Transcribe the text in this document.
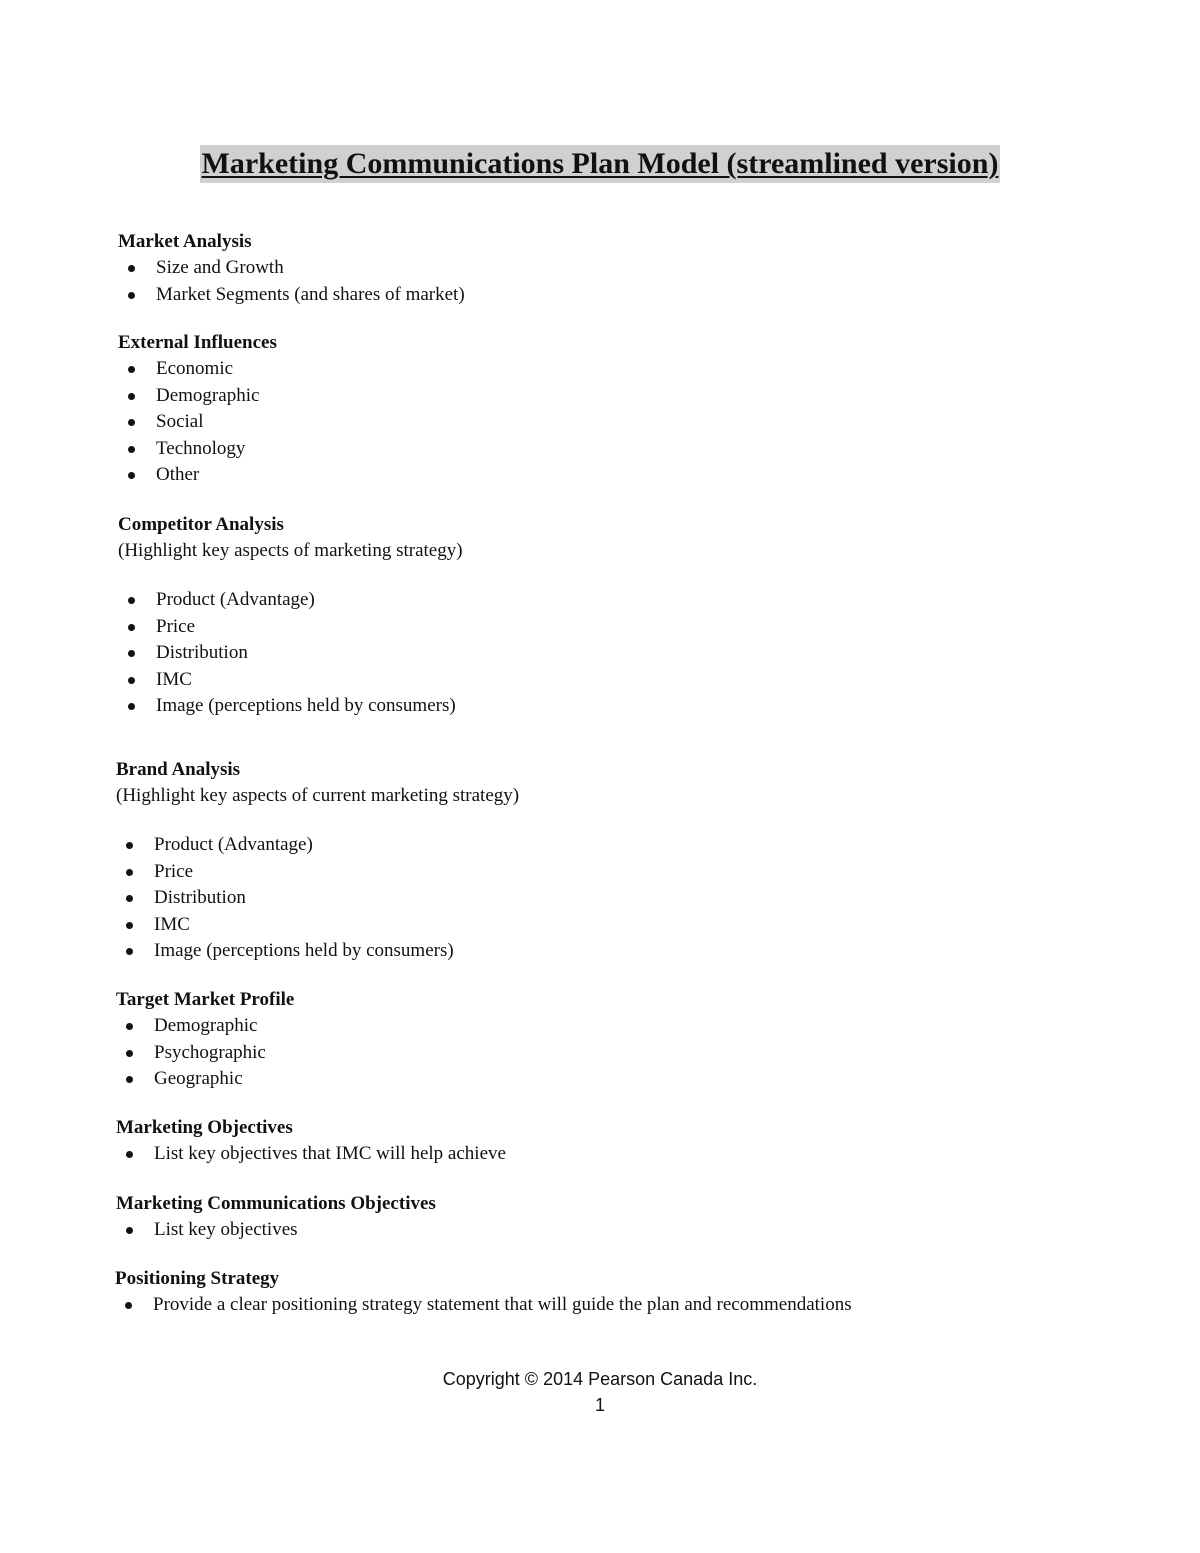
Marketing Communications Plan Model (streamlined version)

Market Analysis

Size and Growth
Market Segments (and shares of market)

External Influences

Economic
Demographic
Social
Technology
Other

Competitor Analysis

(Highlight key aspects of marketing strategy)

Product (Advantage)
Price
Distribution
IMC
Image (perceptions held by consumers)

Brand Analysis

(Highlight key aspects of current marketing strategy)

Product (Advantage)
Price
Distribution
IMC
Image (perceptions held by consumers)

Target Market Profile

Demographic
Psychographic
Geographic

Marketing Objectives

List key objectives that IMC will help achieve

Marketing Communications Objectives

List key objectives

Positioning Strategy

Provide a clear positioning strategy statement that will guide the plan and recommendations
Copyright © 2014 Pearson Canada Inc.
1
